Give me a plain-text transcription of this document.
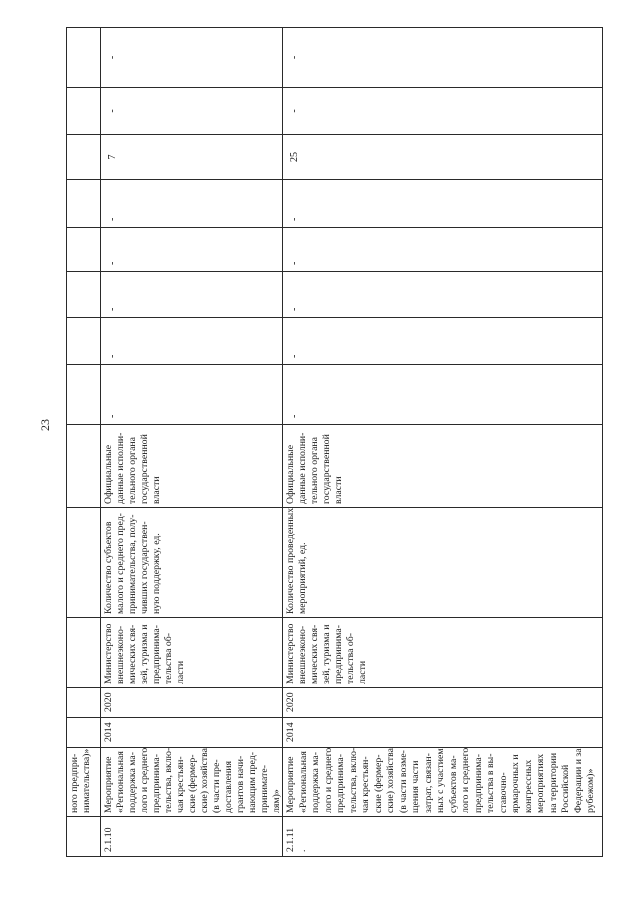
23
ного предпри- нимательства)»
2.1.10
Мероприятие «Региональная поддержка ма- лого и среднего предпринима- тельства, вклю- чая крестьян- ские (фермер- ские) хозяйства (в части пре- доставления грантов начи- нающим пред- принимате- лям)»
2014
2020
Министерство внешнеэконо- мических свя- зей, туризма и предпринима- тельства об- ласти
Количество субъектов малого и среднего пред- принимательства, полу- чивших государствен- ную поддержку, ед.
Официальные данные исполни- тельного органа государственной власти
-
-
-
-
-
7
-
-
2.1.11 .
Мероприятие «Региональная поддержка ма- лого и среднего предпринима- тельства, вклю- чая крестьян- ские (фермер- ские) хозяйства (в части возме- щения части затрат, связан- ных с участием субъектов ма- лого и среднего предпринима- тельства в вы- ставочно- ярмарочных и конгрессных мероприятиях на территории Российской Федерации и за рубежом)»
2014
2020
Министерство внешнеэконо- мических свя- зей, туризма и предпринима- тельства об- ласти
Количество проведенных мероприятий, ед.
Официальные данные исполни- тельного органа государственной власти
-
-
-
-
-
25
-
-
